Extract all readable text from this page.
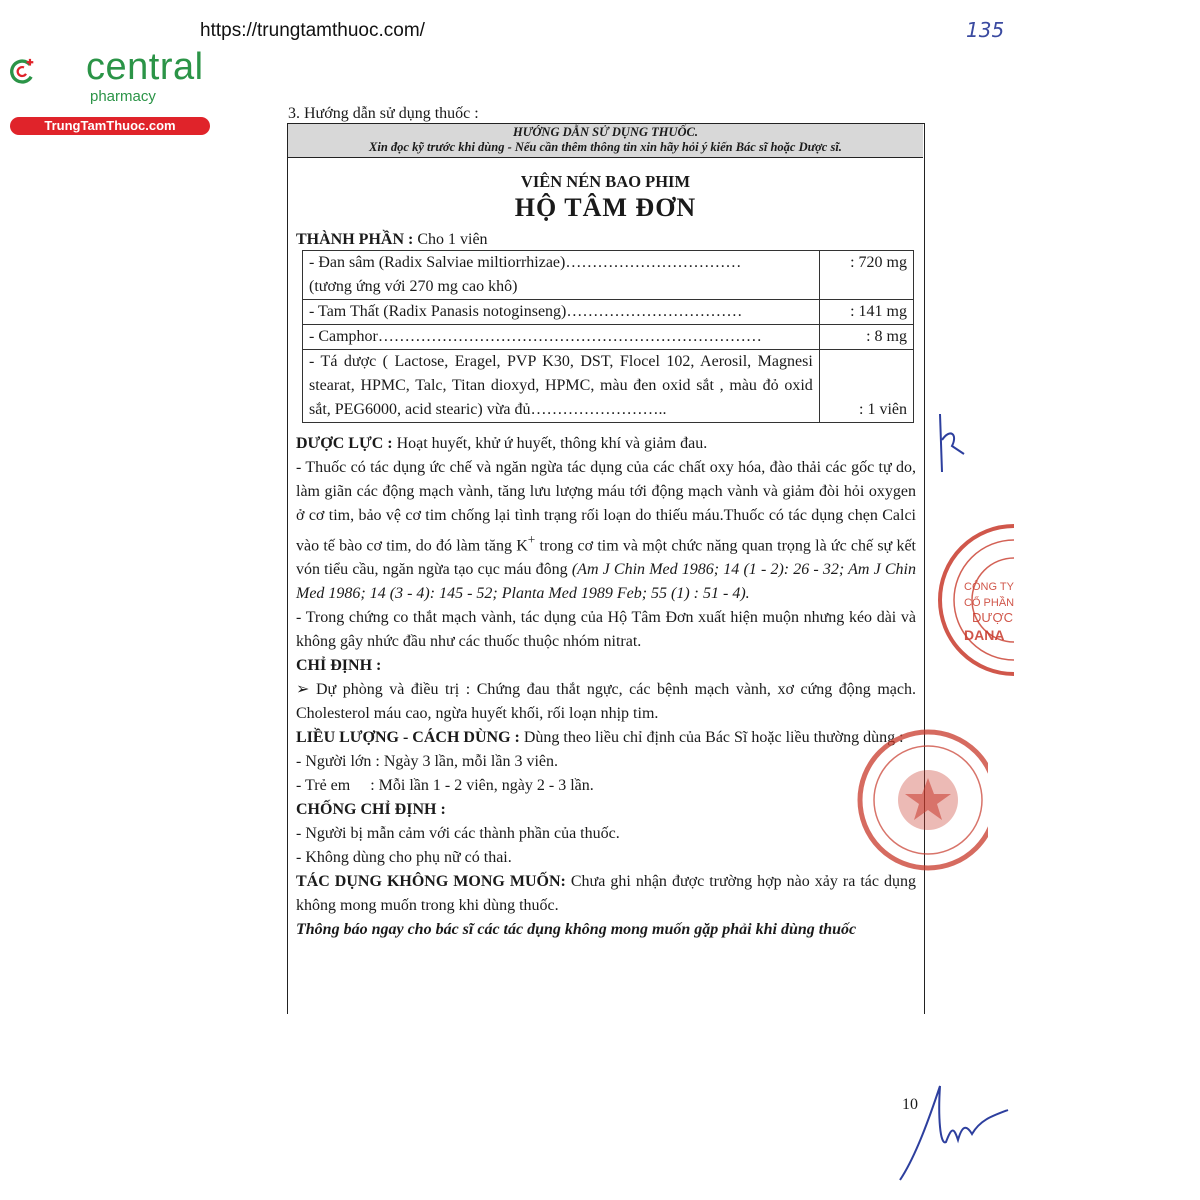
https://trungtamthuoc.com/
central
pharmacy
TrungTamThuoc.com
135
3. Hướng dẫn sử dụng thuốc :
HƯỚNG DẪN SỬ DỤNG THUỐC.
Xin đọc kỹ trước khi dùng - Nếu cần thêm thông tin xin hãy hỏi ý kiến Bác sĩ hoặc Dược sĩ.
VIÊN NÉN BAO PHIM
HỘ TÂM ĐƠN
THÀNH PHẦN : Cho 1 viên
- Đan sâm (Radix Salviae miltiorrhizae)……………………………
(tương ứng với 270 mg cao khô)	: 720 mg

- Tam Thất (Radix Panasis notoginseng)……………………………	: 141 mg

- Camphor………………………………………………………………	: 8 mg

- Tá dược ( Lactose, Eragel, PVP K30, DST, Flocel 102, Aerosil, Magnesi stearat, HPMC, Talc, Titan dioxyd, HPMC, màu đen oxid sắt , màu đỏ oxid sắt, PEG6000, acid stearic) vừa đủ……………………..	: 1 viên
DƯỢC LỰC : Hoạt huyết, khử ứ huyết, thông khí và giảm đau.
- Thuốc có tác dụng ức chế và ngăn ngừa tác dụng của các chất oxy hóa, đào thải các gốc tự do, làm giãn các động mạch vành, tăng lưu lượng máu tới động mạch vành và giảm đòi hỏi oxygen ở cơ tim, bảo vệ cơ tim chống lại tình trạng rối loạn do thiếu máu.Thuốc có tác dụng chẹn Calci vào tế bào cơ tim, do đó làm tăng K+ trong cơ tim và một chức năng quan trọng là ức chế sự kết vón tiểu cầu, ngăn ngừa tạo cục máu đông (Am J Chin Med 1986; 14 (1 - 2): 26 - 32; Am J Chin Med 1986; 14 (3 - 4): 145 - 52; Planta Med 1989 Feb; 55 (1) : 51 - 4).
- Trong chứng co thắt mạch vành, tác dụng của Hộ Tâm Đơn xuất hiện muộn nhưng kéo dài và không gây nhức đầu như các thuốc thuộc nhóm nitrat.
CHỈ ĐỊNH :
➢ Dự phòng và điều trị : Chứng đau thắt ngực, các bệnh mạch vành, xơ cứng động mạch. Cholesterol máu cao, ngừa huyết khối, rối loạn nhịp tim.
LIỀU LƯỢNG - CÁCH DÙNG : Dùng theo liều chỉ định của Bác Sĩ hoặc liều thường dùng :
- Người lớn : Ngày 3 lần, mỗi lần 3 viên.
- Trẻ em     : Mỗi lần 1 - 2 viên, ngày 2 - 3 lần.
CHỐNG CHỈ ĐỊNH :
- Người bị mẫn cảm với các thành phần của thuốc.
- Không dùng cho phụ nữ có thai.
TÁC DỤNG KHÔNG MONG MUỐN: Chưa ghi nhận được trường hợp nào xảy ra tác dụng không mong muốn trong khi dùng thuốc.
Thông báo ngay cho bác sĩ các tác dụng không mong muốn gặp phải khi dùng thuốc
CÔNG TY
CỔ PHẦN
DƯỢC
DANA
10
